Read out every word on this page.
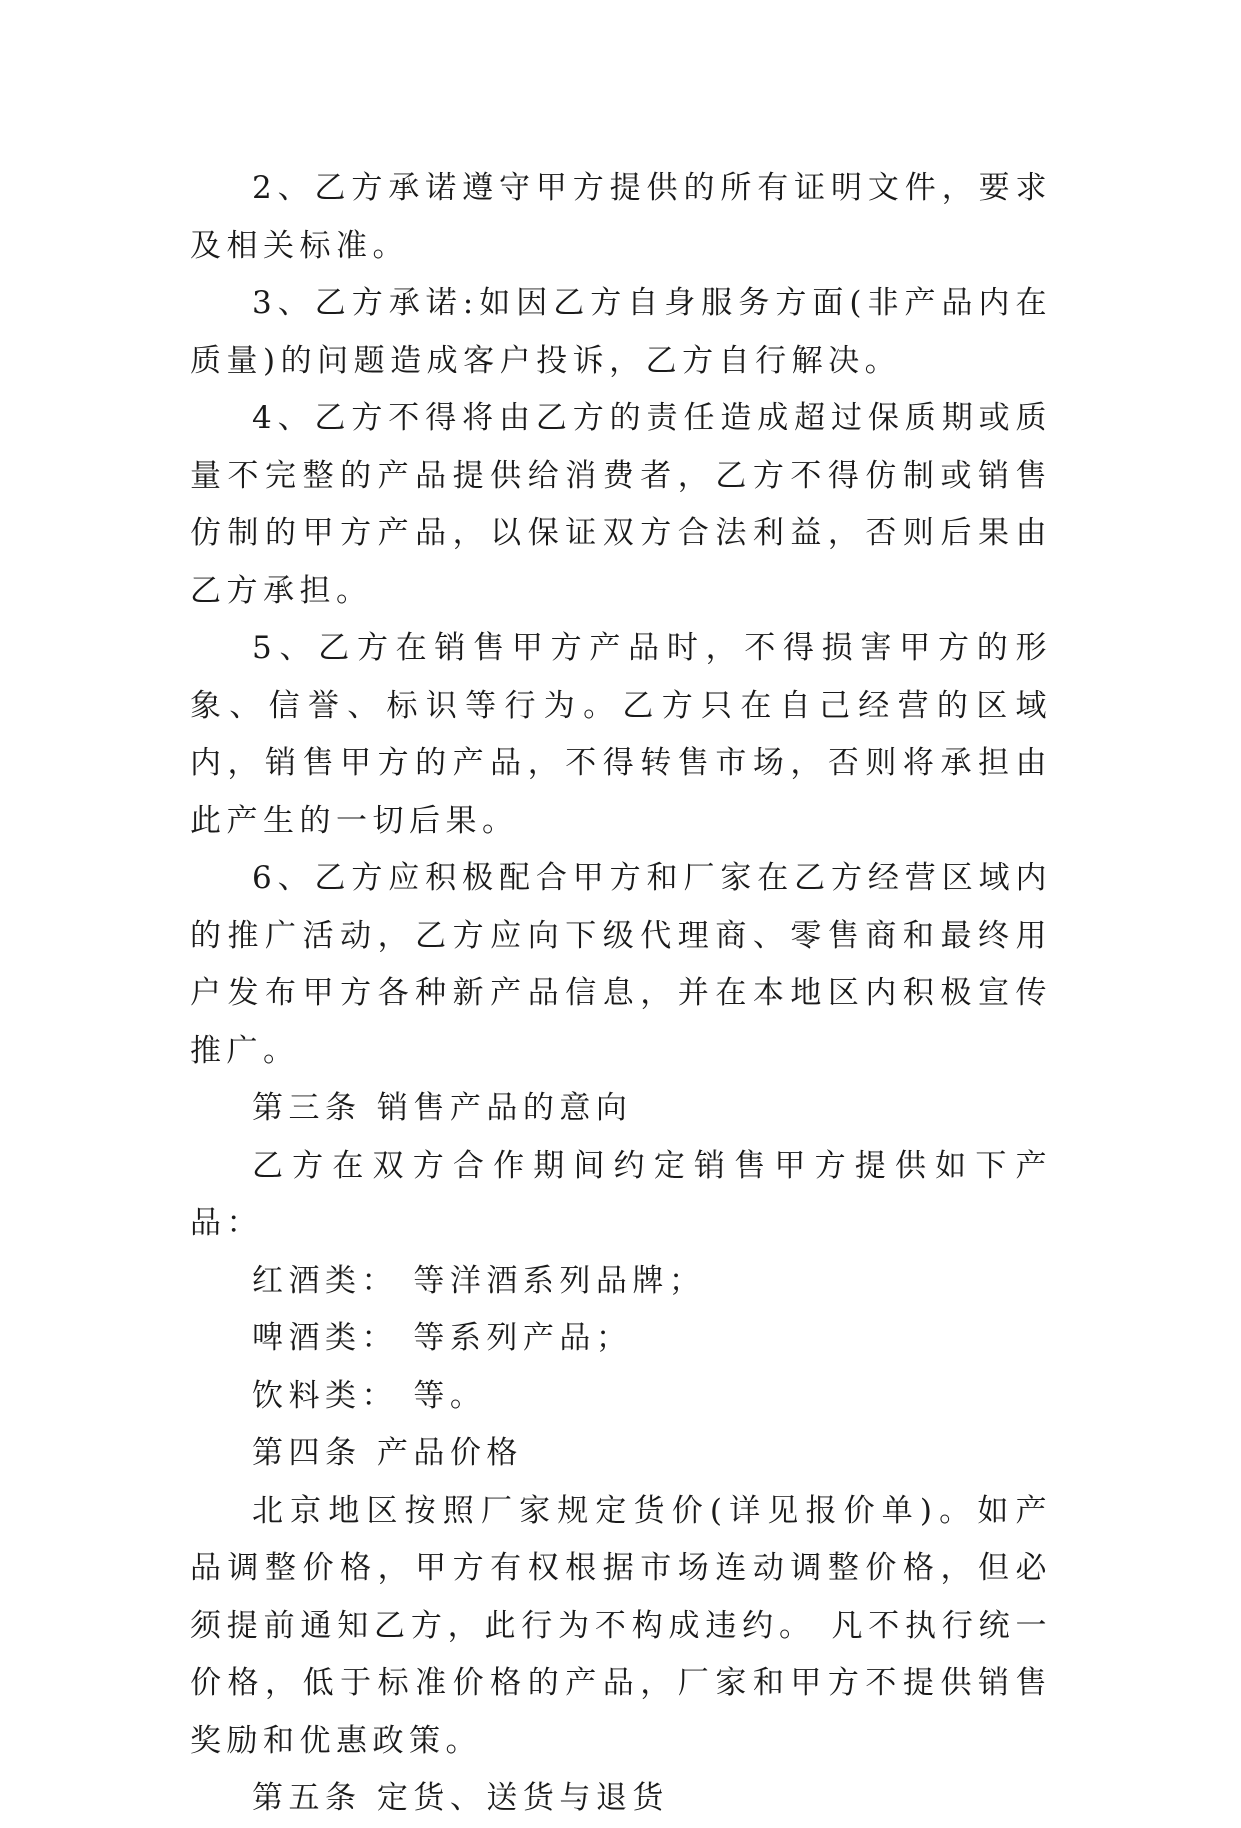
2、乙方承诺遵守甲方提供的所有证明文件，要求及相关标准。

3、乙方承诺:如因乙方自身服务方面(非产品内在质量)的问题造成客户投诉，乙方自行解决。

4、乙方不得将由乙方的责任造成超过保质期或质量不完整的产品提供给消费者，乙方不得仿制或销售仿制的甲方产品，以保证双方合法利益，否则后果由乙方承担。

5、乙方在销售甲方产品时，不得损害甲方的形象、信誉、标识等行为。乙方只在自己经营的区域内，销售甲方的产品，不得转售市场，否则将承担由此产生的一切后果。

6、乙方应积极配合甲方和厂家在乙方经营区域内的推广活动，乙方应向下级代理商、零售商和最终用户发布甲方各种新产品信息，并在本地区内积极宣传推广。

第三条 销售产品的意向

乙方在双方合作期间约定销售甲方提供如下产品：

红酒类： 等洋酒系列品牌；

啤酒类： 等系列产品；

饮料类： 等。

第四条 产品价格

北京地区按照厂家规定货价(详见报价单)。如产品调整价格，甲方有权根据市场连动调整价格，但必须提前通知乙方，此行为不构成违约。 凡不执行统一价格，低于标准价格的产品，厂家和甲方不提供销售奖励和优惠政策。

第五条 定货、送货与退货
